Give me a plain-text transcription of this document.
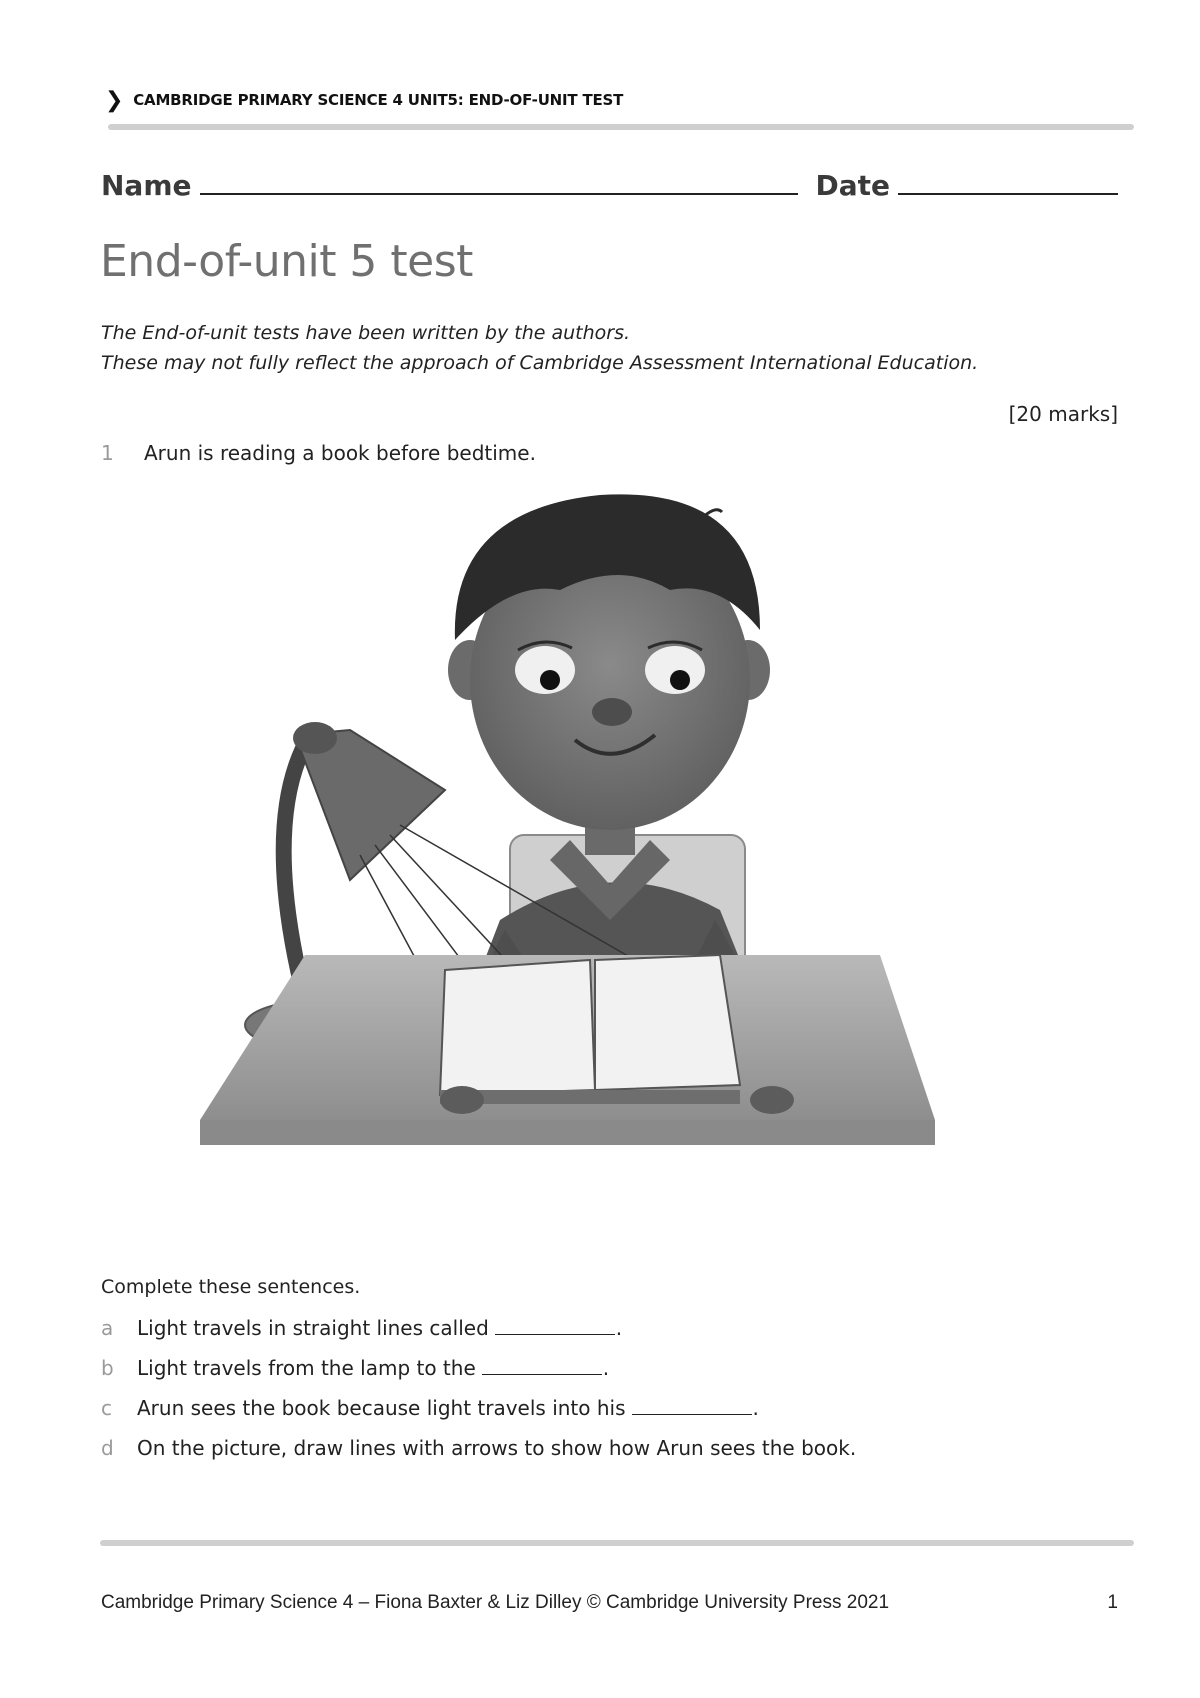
❯ CAMBRIDGE PRIMARY SCIENCE 4 UNIT5: END-OF-UNIT TEST
Name	Date
End-of-unit 5 test
The End-of-unit tests have been written by the authors.
These may not fully reflect the approach of Cambridge Assessment International Education.
[20 marks]
1 Arun is reading a book before bedtime.
Complete these sentences.
a Light travels in straight lines called	.
b Light travels from the lamp to the	.
c Arun sees the book because light travels into his	.
d On the picture, draw lines with arrows to show how Arun sees the book.
Cambridge Primary Science 4 – Fiona Baxter & Liz Dilley © Cambridge University Press 2021	1
